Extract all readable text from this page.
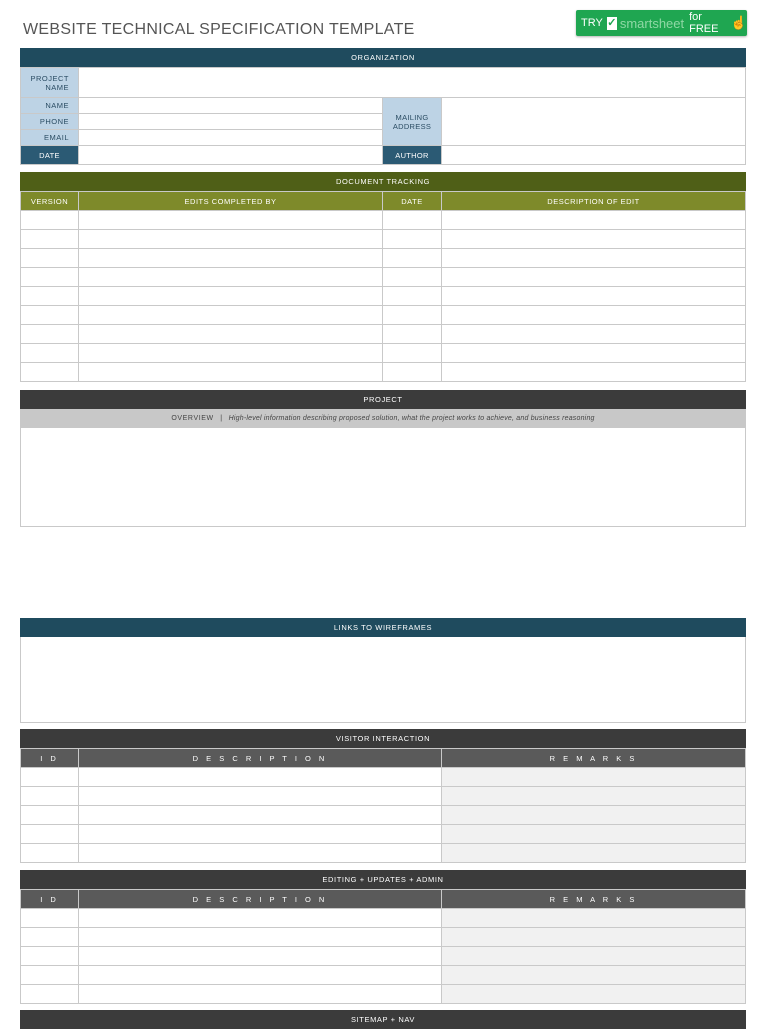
WEBSITE TECHNICAL SPECIFICATION TEMPLATE	TRY ✓ smartsheet for FREE ☝
ORGANIZATION
PROJECT NAME			
NAME		MAILING ADDRESS	
PHONE			
EMAIL			
DATE		AUTHOR	
DOCUMENT TRACKING
VERSION	EDITS COMPLETED BY	DATE	DESCRIPTION OF EDIT

PROJECT
OVERVIEW | High-level information describing proposed solution, what the project works to achieve, and business reasoning
LINKS TO WIREFRAMES
VISITOR INTERACTION
I D	D E S C R I P T I O N	R E M A R K S

EDITING + UPDATES + ADMIN
I D	D E S C R I P T I O N	R E M A R K S

SITEMAP + NAV
